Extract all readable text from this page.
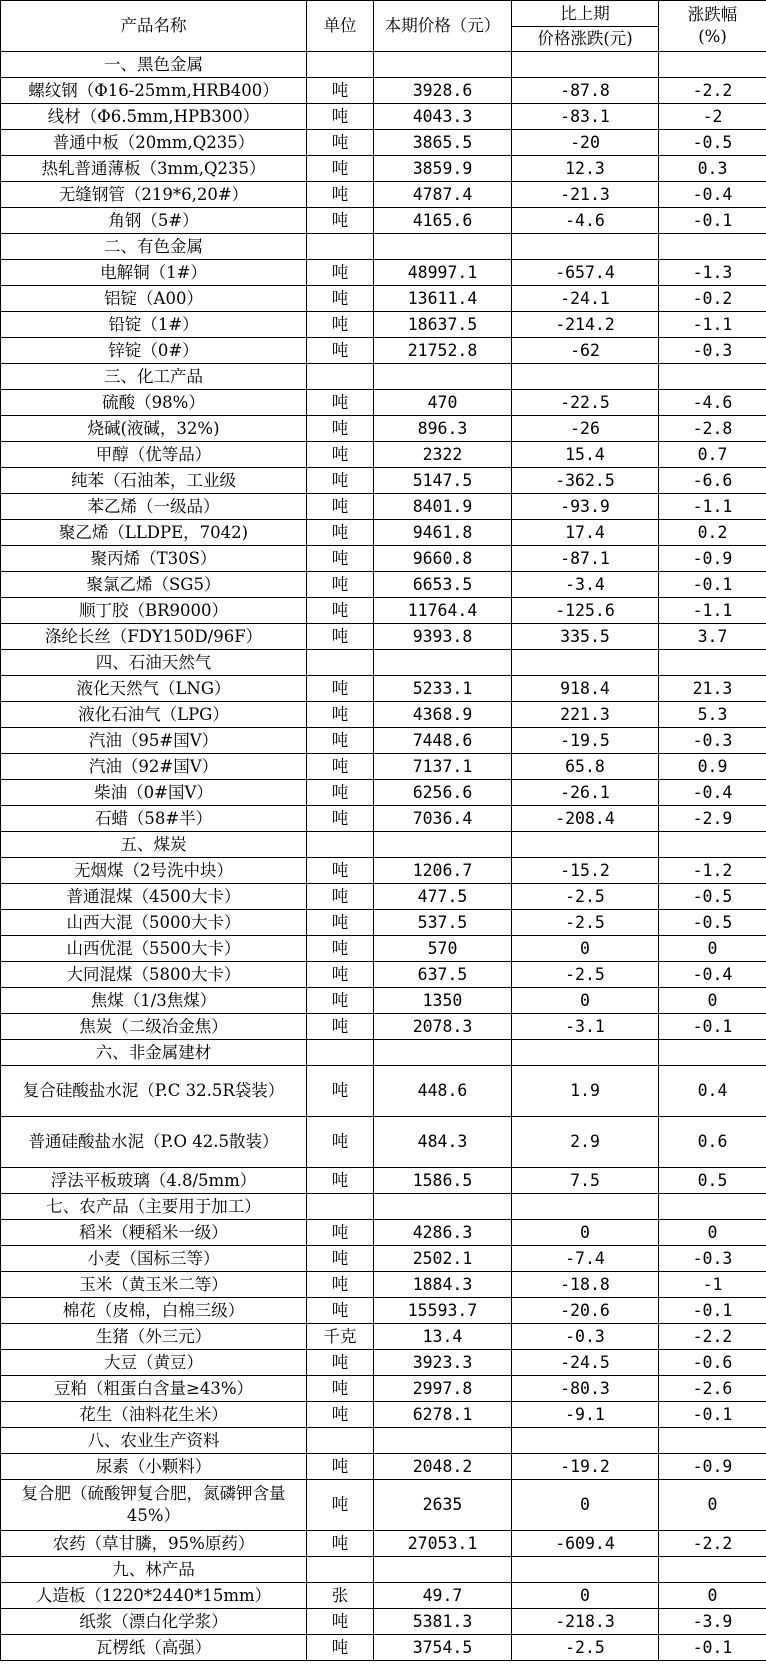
产品名称	单位	本期价格（元）	比上期	涨跌幅
(%)
			价格涨跌(元)	
一、黑色金属				
螺纹钢（Φ16-25mm,HRB400）	吨	3928.6	-87.8	-2.2
线材（Φ6.5mm,HPB300）	吨	4043.3	-83.1	-2
普通中板（20mm,Q235）	吨	3865.5	-20	-0.5
热轧普通薄板（3mm,Q235）	吨	3859.9	12.3	0.3
无缝钢管（219*6,20#）	吨	4787.4	-21.3	-0.4
角钢（5#）	吨	4165.6	-4.6	-0.1
二、有色金属				
电解铜（1#）	吨	48997.1	-657.4	-1.3
铝锭（A00）	吨	13611.4	-24.1	-0.2
铅锭（1#）	吨	18637.5	-214.2	-1.1
锌锭（0#）	吨	21752.8	-62	-0.3
三、化工产品				
硫酸（98%）	吨	470	-22.5	-4.6
烧碱(液碱，32%)	吨	896.3	-26	-2.8
甲醇（优等品）	吨	2322	15.4	0.7
纯苯（石油苯，工业级	吨	5147.5	-362.5	-6.6
苯乙烯（一级品）	吨	8401.9	-93.9	-1.1
聚乙烯（LLDPE，7042)	吨	9461.8	17.4	0.2
聚丙烯（T30S）	吨	9660.8	-87.1	-0.9
聚氯乙烯（SG5）	吨	6653.5	-3.4	-0.1
顺丁胶（BR9000）	吨	11764.4	-125.6	-1.1
涤纶长丝（FDY150D/96F）	吨	9393.8	335.5	3.7
四、石油天然气				
液化天然气（LNG）	吨	5233.1	918.4	21.3
液化石油气（LPG）	吨	4368.9	221.3	5.3
汽油（95#国Ⅴ）	吨	7448.6	-19.5	-0.3
汽油（92#国Ⅴ）	吨	7137.1	65.8	0.9
柴油（0#国Ⅴ）	吨	6256.6	-26.1	-0.4
石蜡（58#半）	吨	7036.4	-208.4	-2.9
五、煤炭				
无烟煤（2号洗中块）	吨	1206.7	-15.2	-1.2
普通混煤（4500大卡）	吨	477.5	-2.5	-0.5
山西大混（5000大卡）	吨	537.5	-2.5	-0.5
山西优混（5500大卡）	吨	570	0	0
大同混煤（5800大卡）	吨	637.5	-2.5	-0.4
焦煤（1/3焦煤）	吨	1350	0	0
焦炭（二级冶金焦）	吨	2078.3	-3.1	-0.1
六、非金属建材				
复合硅酸盐水泥（P.C 32.5R袋装）	吨	448.6	1.9	0.4
普通硅酸盐水泥（P.O 42.5散装）	吨	484.3	2.9	0.6
浮法平板玻璃（4.8/5mm）	吨	1586.5	7.5	0.5
七、农产品（主要用于加工）				
稻米（粳稻米一级）	吨	4286.3	0	0
小麦（国标三等）	吨	2502.1	-7.4	-0.3
玉米（黄玉米二等）	吨	1884.3	-18.8	-1
棉花（皮棉，白棉三级）	吨	15593.7	-20.6	-0.1
生猪（外三元）	千克	13.4	-0.3	-2.2
大豆（黄豆）	吨	3923.3	-24.5	-0.6
豆粕（粗蛋白含量≥43%）	吨	2997.8	-80.3	-2.6
花生（油料花生米）	吨	6278.1	-9.1	-0.1
八、农业生产资料				
尿素（小颗料）	吨	2048.2	-19.2	-0.9
复合肥（硫酸钾复合肥，氮磷钾含量45%）	吨	2635	0	0
农药（草甘膦，95%原药）	吨	27053.1	-609.4	-2.2
九、林产品				
人造板（1220*2440*15mm）	张	49.7	0	0
纸浆（漂白化学浆）	吨	5381.3	-218.3	-3.9
瓦楞纸（高强）	吨	3754.5	-2.5	-0.1
